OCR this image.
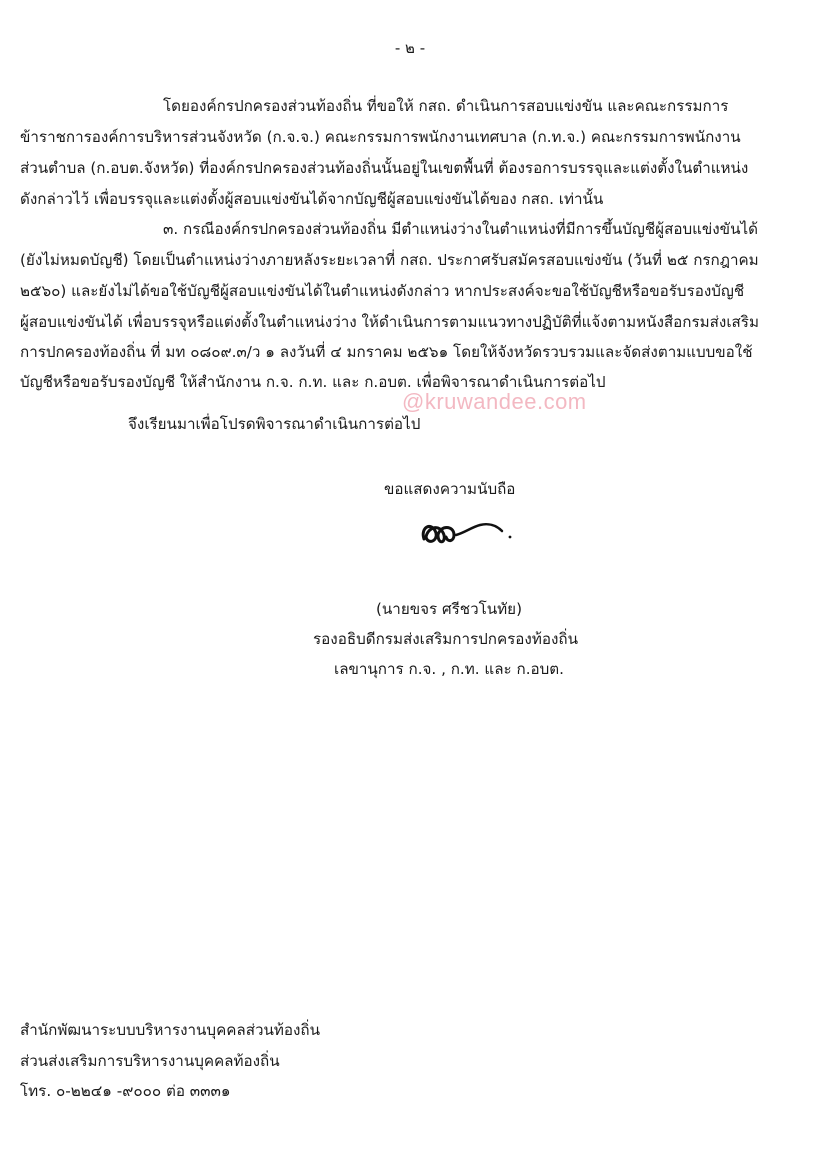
- ๒ -
โดยองค์กรปกครองส่วนท้องถิ่น ที่ขอให้ กสถ. ดำเนินการสอบแข่งขัน และคณะกรรมการ
ข้าราชการองค์การบริหารส่วนจังหวัด (ก.จ.จ.) คณะกรรมการพนักงานเทศบาล (ก.ท.จ.) คณะกรรมการพนักงาน
ส่วนตำบล (ก.อบต.จังหวัด) ที่องค์กรปกครองส่วนท้องถิ่นนั้นอยู่ในเขตพื้นที่ ต้องรอการบรรจุและแต่งตั้งในตำแหน่ง
ดังกล่าวไว้ เพื่อบรรจุและแต่งตั้งผู้สอบแข่งขันได้จากบัญชีผู้สอบแข่งขันได้ของ กสถ. เท่านั้น
๓. กรณีองค์กรปกครองส่วนท้องถิ่น มีตำแหน่งว่างในตำแหน่งที่มีการขึ้นบัญชีผู้สอบแข่งขันได้
(ยังไม่หมดบัญชี) โดยเป็นตำแหน่งว่างภายหลังระยะเวลาที่ กสถ. ประกาศรับสมัครสอบแข่งขัน (วันที่ ๒๕ กรกฎาคม
๒๕๖๐) และยังไม่ได้ขอใช้บัญชีผู้สอบแข่งขันได้ในตำแหน่งดังกล่าว หากประสงค์จะขอใช้บัญชีหรือขอรับรองบัญชี
ผู้สอบแข่งขันได้ เพื่อบรรจุหรือแต่งตั้งในตำแหน่งว่าง ให้ดำเนินการตามแนวทางปฏิบัติที่แจ้งตามหนังสือกรมส่งเสริม
การปกครองท้องถิ่น ที่ มท ๐๘๐๙.๓/ว ๑ ลงวันที่ ๔ มกราคม ๒๕๖๑ โดยให้จังหวัดรวบรวมและจัดส่งตามแบบขอใช้
บัญชีหรือขอรับรองบัญชี ให้สำนักงาน ก.จ. ก.ท. และ ก.อบต. เพื่อพิจารณาดำเนินการต่อไป
@kruwandee.com
จึงเรียนมาเพื่อโปรดพิจารณาดำเนินการต่อไป
ขอแสดงความนับถือ
(นายขจร ศรีชวโนทัย)
รองอธิบดีกรมส่งเสริมการปกครองท้องถิ่น
เลขานุการ ก.จ. , ก.ท. และ ก.อบต.
สำนักพัฒนาระบบบริหารงานบุคคลส่วนท้องถิ่น
ส่วนส่งเสริมการบริหารงานบุคคลท้องถิ่น
โทร. ๐-๒๒๔๑ -๙๐๐๐ ต่อ ๓๓๓๑
